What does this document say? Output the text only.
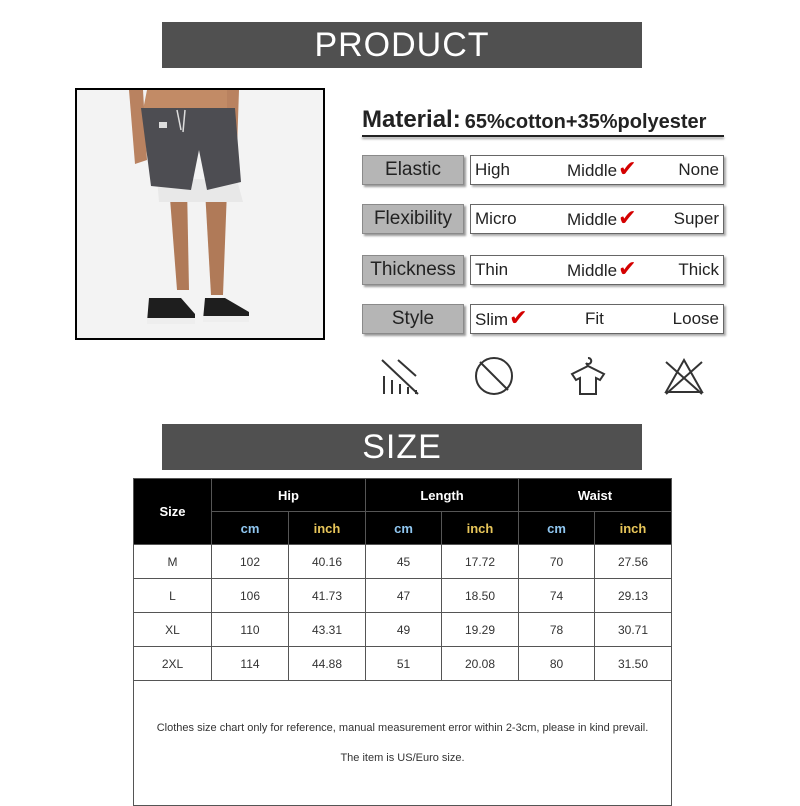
PRODUCT
Material: 65%cotton+35%polyester
Elastic	High	Middle✔ None
Flexibility	Micro	Middle✔ Super
Thickness	Thin	Middle✔ Thick
Style	Slim✔	Fit	Loose
SIZE
Size	Hip		Length		Waist	
	cm	inch	cm	inch	cm	inch
M	102	40.16	45	17.72	70	27.56
L	106	41.73	47	18.50	74	29.13
XL	110	43.31	49	19.29	78	30.71
2XL	114	44.88	51	20.08	80	31.50

Clothes size chart only for reference, manual measurement error within 2-3cm, please in kind prevail.
The item is US/Euro size.						
